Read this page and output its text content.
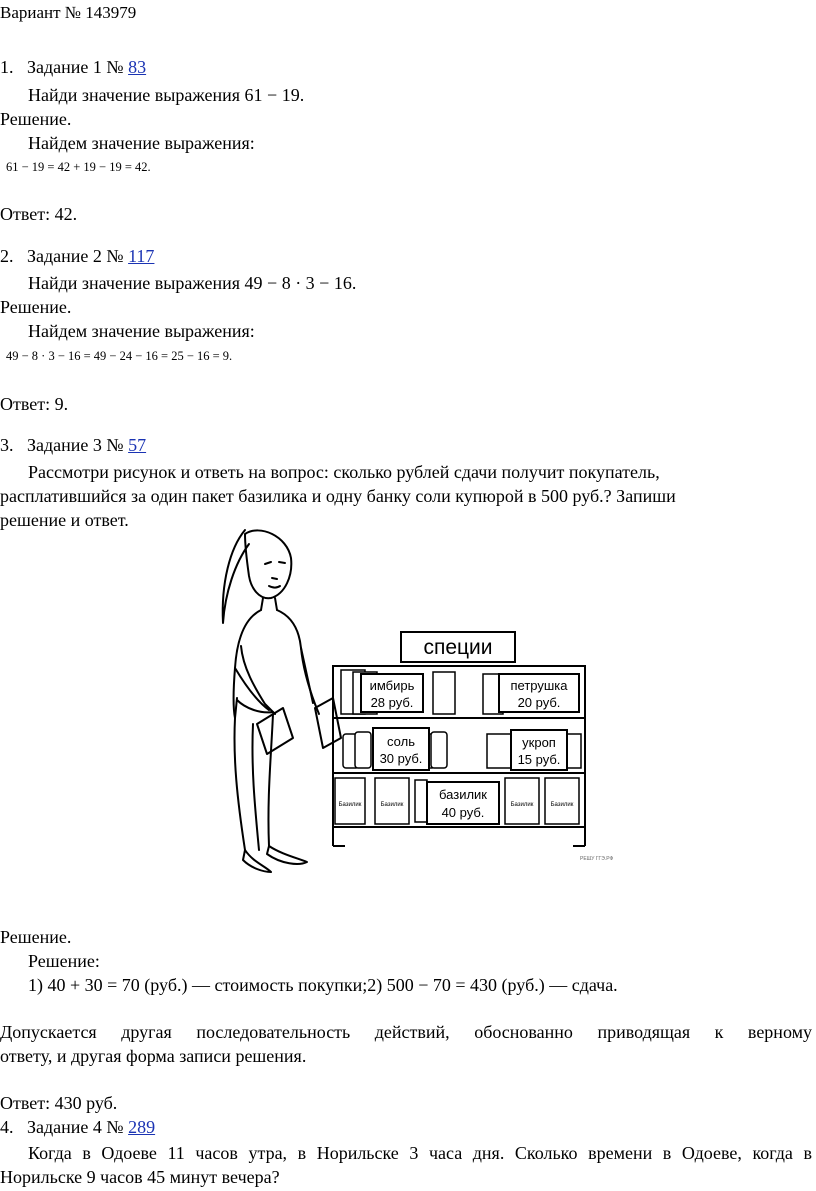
Вариант № 143979
1. Задание 1 № 83
Найди значение выражения 61 − 19.
Решение.
Найдем значение выражения:
61 − 19 = 42 + 19 − 19 = 42.
Ответ: 42.
2. Задание 2 № 117
Найди значение выражения 49 − 8 · 3 − 16.
Решение.
Найдем значение выражения:
49 − 8 · 3 − 16 = 49 − 24 − 16 = 25 − 16 = 9.
Ответ: 9.
3. Задание 3 № 57
Рассмотри рисунок и ответь на вопрос: сколько рублей сдачи получит покупатель,
расплатившийся за один пакет базилика и одну банку соли купюрой в 500 руб.? Запиши
решение и ответ.
специи
имбирь
28 руб.
петрушка
20 руб.
соль
30 руб.
укроп
15 руб.
Базилик	Базилик	Базилик	Базилик
базилик
40 руб.
РЕШУ ГГЭ.РФ
Решение.
Решение:
1) 40 + 30 = 70 (руб.) — стоимость покупки;2) 500 − 70 = 430 (руб.) — сдача.
Допускается другая последовательность действий, обоснованно приводящая к верному
ответу, и другая форма записи решения.
Ответ: 430 руб.
4. Задание 4 № 289
Когда в Одоеве 11 часов утра, в Норильске 3 часа дня. Сколько времени в Одоеве, когда в
Норильске 9 часов 45 минут вечера?
